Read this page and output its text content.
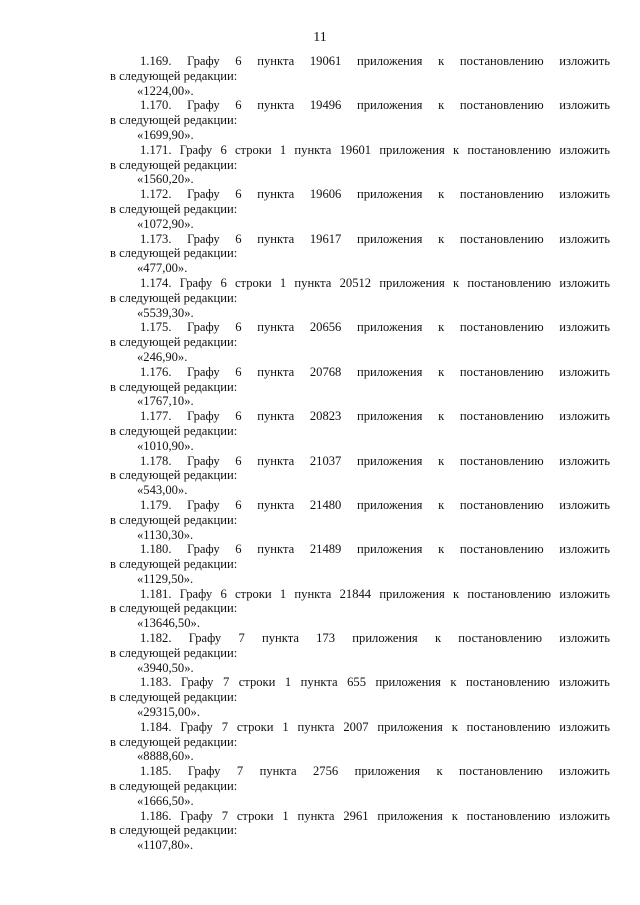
11
1.169. Графу 6 пункта 19061 приложения к постановлению изложить
в следующей редакции:
«1224,00».
1.170. Графу 6 пункта 19496 приложения к постановлению изложить
в следующей редакции:
«1699,90».
1.171. Графу 6 строки 1 пункта 19601 приложения к постановлению изложить
в следующей редакции:
«1560,20».
1.172. Графу 6 пункта 19606 приложения к постановлению изложить
в следующей редакции:
«1072,90».
1.173. Графу 6 пункта 19617 приложения к постановлению изложить
в следующей редакции:
«477,00».
1.174. Графу 6 строки 1 пункта 20512 приложения к постановлению изложить
в следующей редакции:
«5539,30».
1.175. Графу 6 пункта 20656 приложения к постановлению изложить
в следующей редакции:
«246,90».
1.176. Графу 6 пункта 20768 приложения к постановлению изложить
в следующей редакции:
«1767,10».
1.177. Графу 6 пункта 20823 приложения к постановлению изложить
в следующей редакции:
«1010,90».
1.178. Графу 6 пункта 21037 приложения к постановлению изложить
в следующей редакции:
«543,00».
1.179. Графу 6 пункта 21480 приложения к постановлению изложить
в следующей редакции:
«1130,30».
1.180. Графу 6 пункта 21489 приложения к постановлению изложить
в следующей редакции:
«1129,50».
1.181. Графу 6 строки 1 пункта 21844 приложения к постановлению изложить
в следующей редакции:
«13646,50».
1.182. Графу 7 пункта 173 приложения к постановлению изложить
в следующей редакции:
«3940,50».
1.183. Графу 7 строки 1 пункта 655 приложения к постановлению изложить
в следующей редакции:
«29315,00».
1.184. Графу 7 строки 1 пункта 2007 приложения к постановлению изложить
в следующей редакции:
«8888,60».
1.185. Графу 7 пункта 2756 приложения к постановлению изложить
в следующей редакции:
«1666,50».
1.186. Графу 7 строки 1 пункта 2961 приложения к постановлению изложить
в следующей редакции:
«1107,80».
